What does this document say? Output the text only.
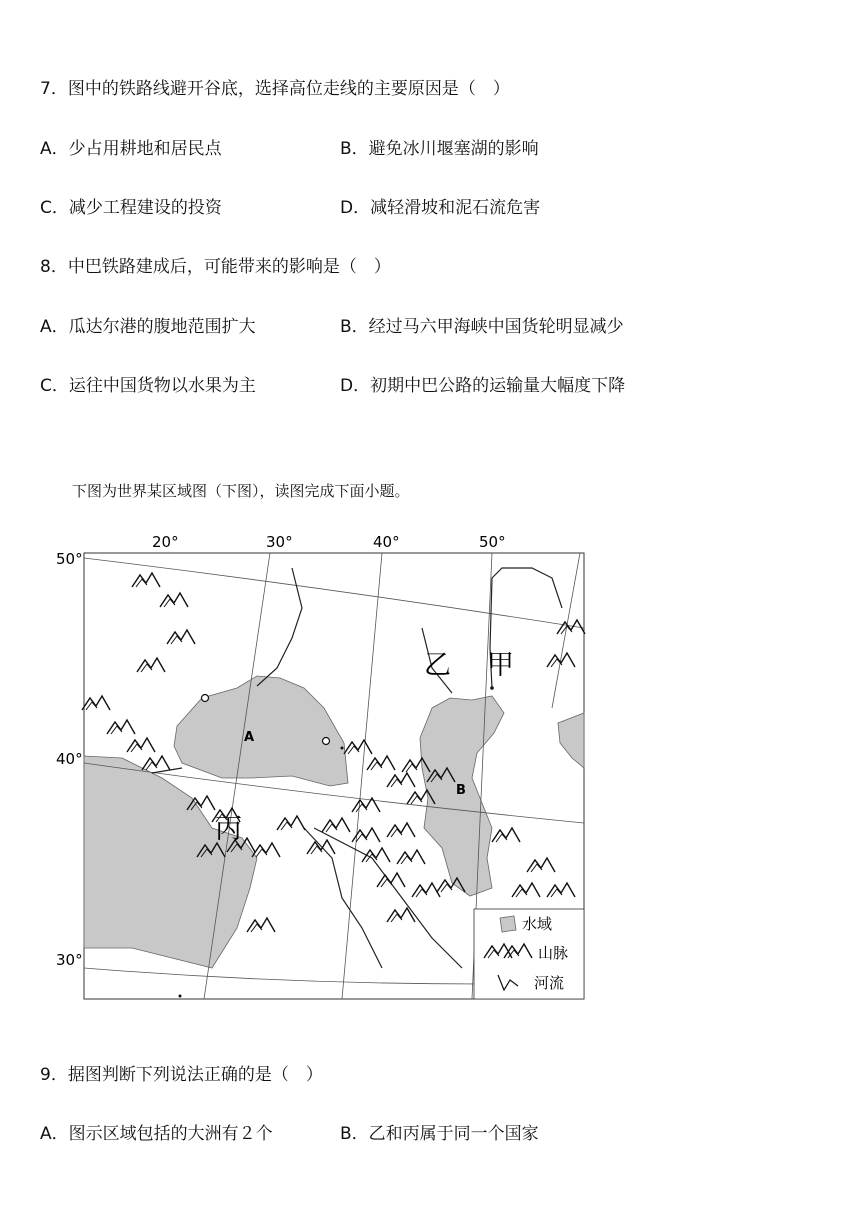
7．图中的铁路线避开谷底，选择高位走线的主要原因是（　）
A．少占用耕地和居民点	B．避免冰川堰塞湖的影响
C．减少工程建设的投资	D．减轻滑坡和泥石流危害
8．中巴铁路建成后，可能带来的影响是（　）
A．瓜达尔港的腹地范围扩大	B．经过马六甲海峡中国货轮明显减少
C．运往中国货物以水果为主	D．初期中巴公路的运输量大幅度下降
下图为世界某区域图（下图），读图完成下面小题。
20°	30°	40°	50°
50°
40°
30°
乙 甲
丙
A
B
水域
山脉
河流
9．据图判断下列说法正确的是（　）
A．图示区域包括的大洲有２个	B．乙和丙属于同一个国家
